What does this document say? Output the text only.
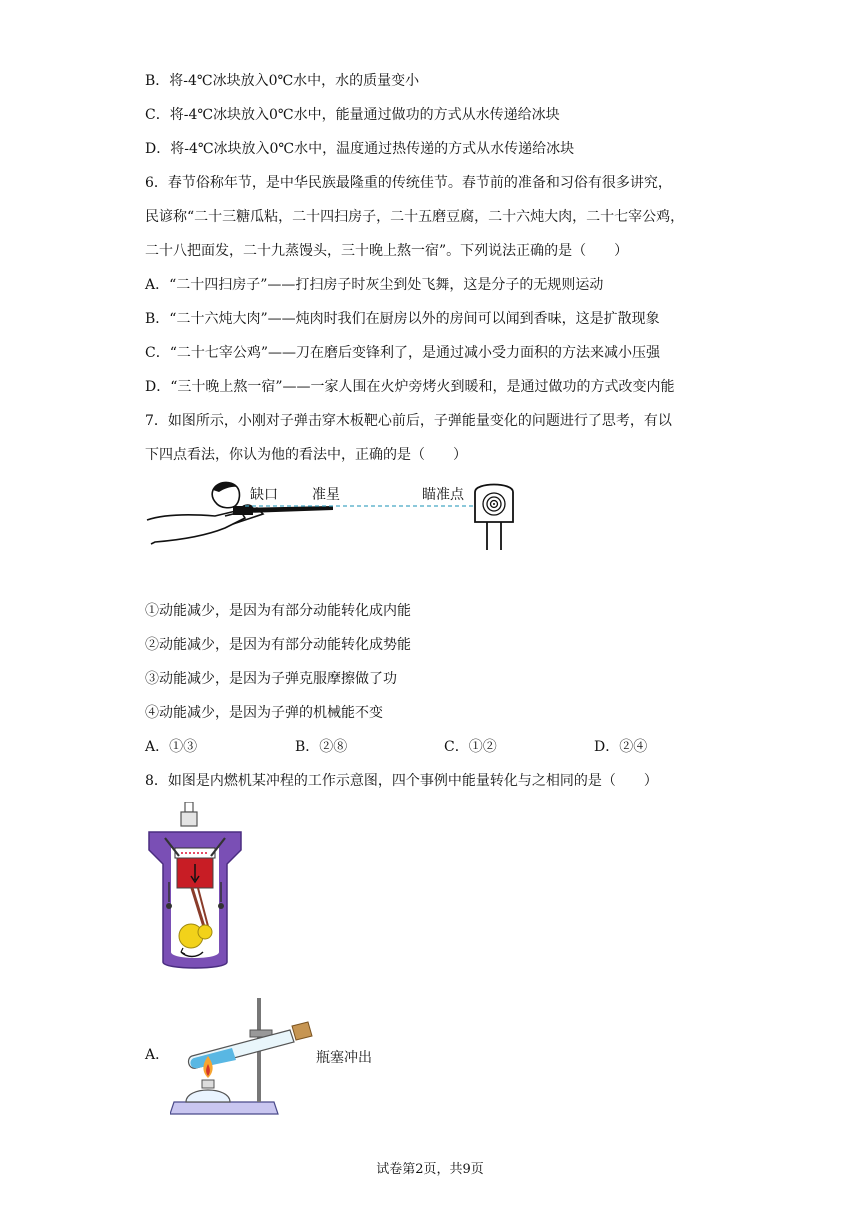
B．将-4℃冰块放入0℃水中，水的质量变小
C．将-4℃冰块放入0℃水中，能量通过做功的方式从水传递给冰块
D．将-4℃冰块放入0℃水中，温度通过热传递的方式从水传递给冰块
6．春节俗称年节，是中华民族最隆重的传统佳节。春节前的准备和习俗有很多讲究，
民谚称“二十三糖瓜粘，二十四扫房子，二十五磨豆腐，二十六炖大肉，二十七宰公鸡，
二十八把面发，二十九蒸馒头，三十晚上熬一宿”。下列说法正确的是（　　）
A．“二十四扫房子”——打扫房子时灰尘到处飞舞，这是分子的无规则运动
B．“二十六炖大肉”——炖肉时我们在厨房以外的房间可以闻到香味，这是扩散现象
C．“二十七宰公鸡”——刀在磨后变锋利了，是通过减小受力面积的方法来减小压强
D．“三十晚上熬一宿”——一家人围在火炉旁烤火到暖和，是通过做功的方式改变内能
7．如图所示，小刚对子弹击穿木板靶心前后，子弹能量变化的问题进行了思考，有以
下四点看法，你认为他的看法中，正确的是（　　）
缺口 准星	瞄准点
①动能减少，是因为有部分动能转化成内能
②动能减少，是因为有部分动能转化成势能
③动能减少，是因为子弹克服摩擦做了功
④动能减少，是因为子弹的机械能不变
A．①③	B．②⑧	C．①②	D．②④
8．如图是内燃机某冲程的工作示意图，四个事例中能量转化与之相同的是（　　）
A．	瓶塞冲出
试卷第2页，共9页
